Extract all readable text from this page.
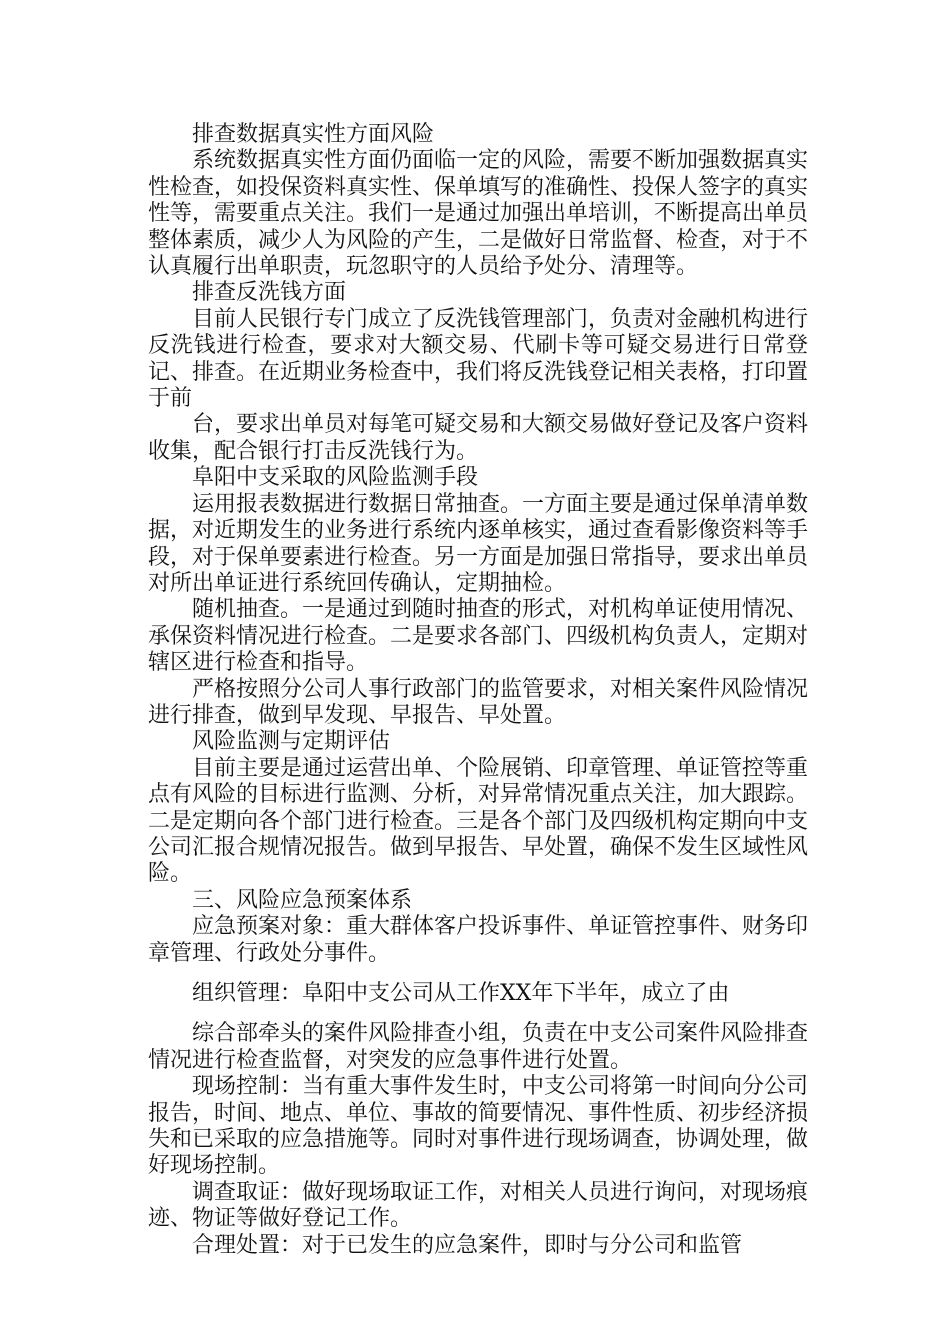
排查数据真实性方面风险

系统数据真实性方面仍面临一定的风险，需要不断加强数据真实性检查，如投保资料真实性、保单填写的准确性、投保人签字的真实性等，需要重点关注。我们一是通过加强出单培训，不断提高出单员整体素质，减少人为风险的产生，二是做好日常监督、检查，对于不认真履行出单职责，玩忽职守的人员给予处分、清理等。

排查反洗钱方面

目前人民银行专门成立了反洗钱管理部门，负责对金融机构进行反洗钱进行检查，要求对大额交易、代刷卡等可疑交易进行日常登记、排查。在近期业务检查中，我们将反洗钱登记相关表格，打印置于前

台，要求出单员对每笔可疑交易和大额交易做好登记及客户资料收集，配合银行打击反洗钱行为。

阜阳中支采取的风险监测手段

运用报表数据进行数据日常抽查。一方面主要是通过保单清单数据，对近期发生的业务进行系统内逐单核实，通过查看影像资料等手段，对于保单要素进行检查。另一方面是加强日常指导，要求出单员对所出单证进行系统回传确认，定期抽检。

随机抽查。一是通过到随时抽查的形式，对机构单证使用情况、承保资料情况进行检查。二是要求各部门、四级机构负责人，定期对辖区进行检查和指导。

严格按照分公司人事行政部门的监管要求，对相关案件风险情况进行排查，做到早发现、早报告、早处置。

风险监测与定期评估

目前主要是通过运营出单、个险展销、印章管理、单证管控等重点有风险的目标进行监测、分析，对异常情况重点关注，加大跟踪。二是定期向各个部门进行检查。三是各个部门及四级机构定期向中支公司汇报合规情况报告。做到早报告、早处置，确保不发生区域性风险。

三、风险应急预案体系

应急预案对象：重大群体客户投诉事件、单证管控事件、财务印章管理、行政处分事件。

组织管理：阜阳中支公司从工作XX年下半年，成立了由

综合部牵头的案件风险排查小组，负责在中支公司案件风险排查情况进行检查监督，对突发的应急事件进行处置。

现场控制：当有重大事件发生时，中支公司将第一时间向分公司报告，时间、地点、单位、事故的简要情况、事件性质、初步经济损失和已采取的应急措施等。同时对事件进行现场调查，协调处理，做好现场控制。

调查取证：做好现场取证工作，对相关人员进行询问，对现场痕迹、物证等做好登记工作。

合理处置：对于已发生的应急案件，即时与分公司和监管
